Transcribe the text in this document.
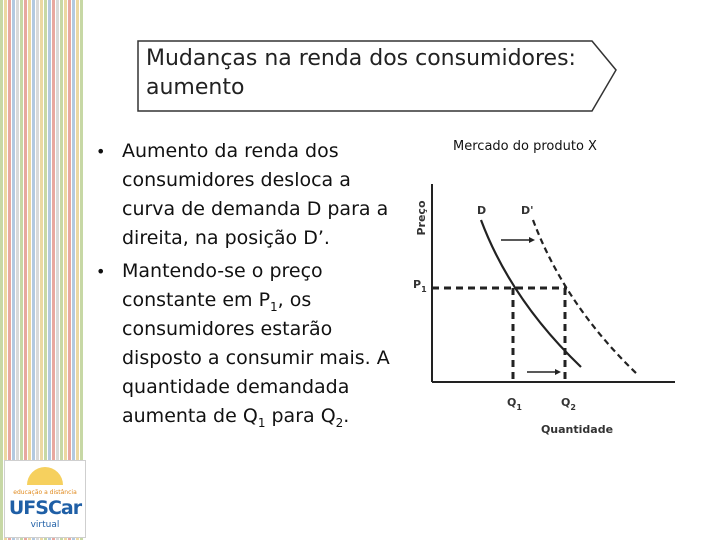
educação a distância
UFSCar
virtual
Mudanças na renda dos consumidores:
aumento
• Aumento da renda dos consumidores desloca a curva de demanda D para a direita, na posição D’.
• Mantendo-se o preço constante em $P_1$, os consumidores estarão disposto a consumir mais. A quantidade demandada aumenta de $Q_1$ para $Q_2$.
Mercado do produto X
Preço
$P_1$
D	D'
$Q_1$	$Q_2$
Quantidade
